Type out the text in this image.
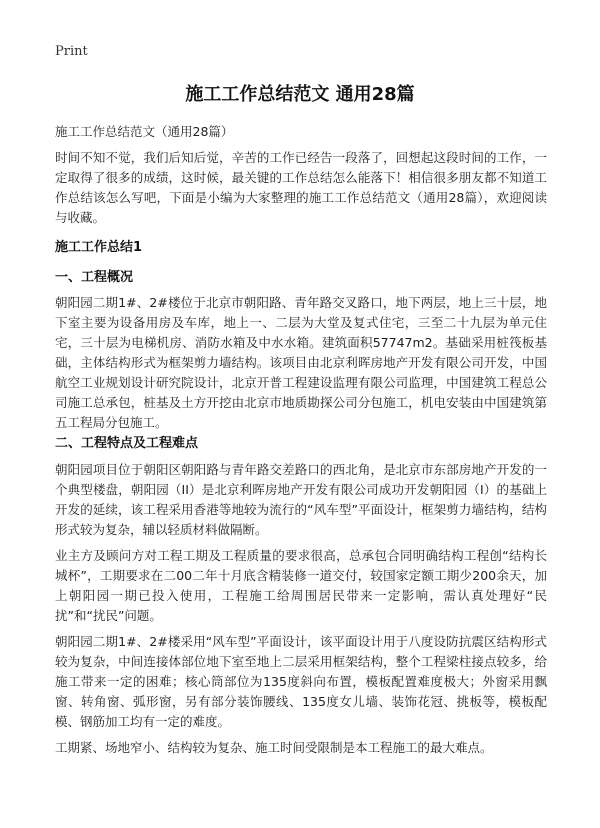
Print
施工工作总结范文 通用28篇
施工工作总结范文（通用28篇）

时间不知不觉，我们后知后觉，辛苦的工作已经告一段落了，回想起这段时间的工作，一定取得了很多的成绩，这时候，最关键的工作总结怎么能落下！相信很多朋友都不知道工作总结该怎么写吧，下面是小编为大家整理的施工工作总结范文（通用28篇），欢迎阅读与收藏。

施工工作总结1
一、工程概况

朝阳园二期1#、2#楼位于北京市朝阳路、青年路交叉路口，地下两层，地上三十层，地下室主要为设备用房及车库，地上一、二层为大堂及复式住宅，三至二十九层为单元住宅，三十层为电梯机房、消防水箱及中水水箱。建筑面积57747m2。基础采用桩筏板基础，主体结构形式为框架剪力墙结构。该项目由北京利晖房地产开发有限公司开发，中国航空工业规划设计研究院设计，北京开普工程建设监理有限公司监理，中国建筑工程总公司施工总承包，桩基及土方开挖由北京市地质勘探公司分包施工，机电安装由中国建筑第五工程局分包施工。

二、工程特点及工程难点

朝阳园项目位于朝阳区朝阳路与青年路交差路口的西北角，是北京市东部房地产开发的一个典型楼盘，朝阳园（II）是北京利晖房地产开发有限公司成功开发朝阳园（I）的基础上开发的延续，该工程采用香港等地较为流行的“风车型”平面设计，框架剪力墙结构，结构形式较为复杂，辅以轻质材料做隔断。

业主方及顾问方对工程工期及工程质量的要求很高，总承包合同明确结构工程创“结构长城杯”，工期要求在二00二年十月底含精装修一道交付，较国家定额工期少200余天，加上朝阳园一期已投入使用，工程施工给周围居民带来一定影响，需认真处理好“民扰”和“扰民”问题。

朝阳园二期1#、2#楼采用“风车型”平面设计，该平面设计用于八度设防抗震区结构形式较为复杂，中间连接体部位地下室至地上二层采用框架结构，整个工程梁柱接点较多，给施工带来一定的困难；核心筒部位为135度斜向布置，模板配置难度极大；外窗采用飘窗、转角窗、弧形窗，另有部分装饰腰线、135度女儿墙、装饰花冠、挑板等，模板配模、钢筋加工均有一定的难度。

工期紧、场地窄小、结构较为复杂、施工时间受限制是本工程施工的最大难点。
